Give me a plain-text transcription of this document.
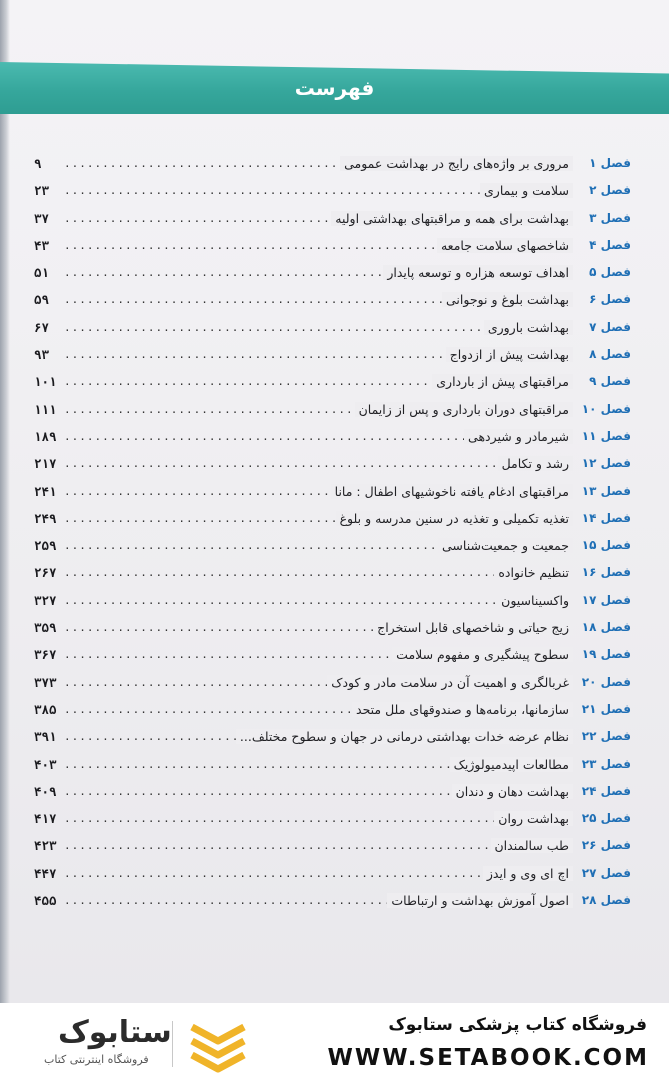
فهرست
فصل ۱
.....
مروری بر واژه‌های رایج در بهداشت عمومی
۹
فصل ۲
.....
سلامت و بیماری
۲۳
فصل ۳
.....
بهداشت برای همه و مراقبتهای بهداشتی اولیه
۳۷
فصل ۴
.....
شاخصهای سلامت جامعه
۴۳
فصل ۵
.....
اهداف توسعه هزاره و توسعه پایدار
۵۱
فصل ۶
.....
بهداشت بلوغ و نوجوانی
۵۹
فصل ۷
.....
بهداشت باروری
۶۷
فصل ۸
.....
بهداشت پیش از ازدواج
۹۳
فصل ۹
.....
مراقبتهای پیش از بارداری
۱۰۱
فصل ۱۰
.....
مراقبتهای دوران بارداری و پس از زایمان
۱۱۱
فصل ۱۱
.....
شیرمادر و شیردهی
۱۸۹
فصل ۱۲
.....
رشد و تکامل
۲۱۷
فصل ۱۳
.....
مراقبتهای ادغام یافته ناخوشیهای اطفال : مانا
۲۴۱
فصل ۱۴
.....
تغذیه تکمیلی و تغذیه در سنین مدرسه و بلوغ
۲۴۹
فصل ۱۵
.....
جمعیت و جمعیت‌شناسی
۲۵۹
فصل ۱۶
.....
تنظیم خانواده
۲۶۷
فصل ۱۷
.....
واکسیناسیون
۳۲۷
فصل ۱۸
.....
زیج حیاتی و شاخصهای قابل استخراج
۳۵۹
فصل ۱۹
.....
سطوح پیشگیری و مفهوم سلامت
۳۶۷
فصل ۲۰
.....
غربالگری و اهمیت آن در سلامت مادر و کودک
۳۷۳
فصل ۲۱
.....
سازمانها، برنامه‌ها و صندوقهای ملل متحد
۳۸۵
فصل ۲۲
.....
نظام عرضه خدات بهداشتی درمانی در جهان و سطوح مختلف...
۳۹۱
فصل ۲۳
.....
مطالعات اپیدمیولوژیک
۴۰۳
فصل ۲۴
.....
بهداشت دهان و دندان
۴۰۹
فصل ۲۵
.....
بهداشت روان
۴۱۷
فصل ۲۶
.....
طب سالمندان
۴۲۳
فصل ۲۷
.....
اچ ای وی و ایدز
۴۴۷
فصل ۲۸
.....
اصول آموزش بهداشت و ارتباطات
۴۵۵
ستابوک
فروشگاه اینترنتی کتاب
فروشگاه کتاب پزشکی ستابوک
WWW.SETABOOK.COM
